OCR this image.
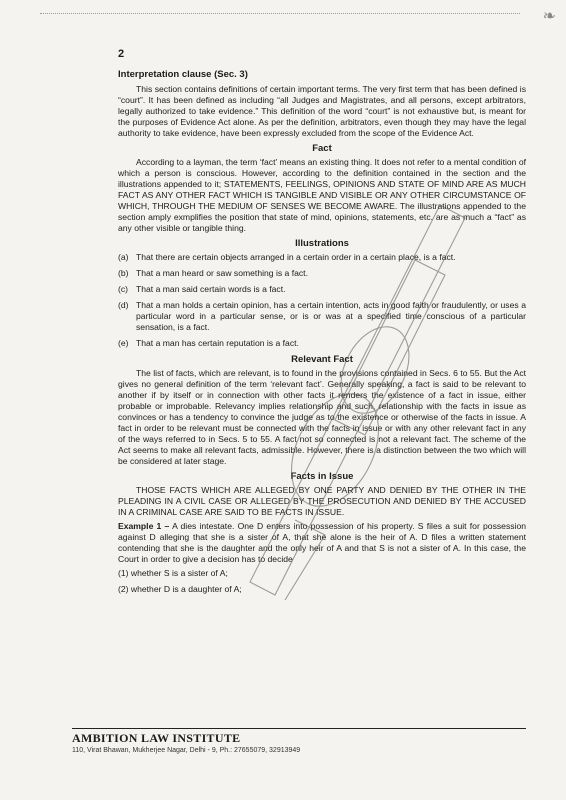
❧
2
Interpretation clause (Sec. 3)

This section contains definitions of certain important terms. The very first term that has been defined is “court”. It has been defined as including “all Judges and Magistrates, and all persons, except arbitrators, legally authorized to take evidence.” This definition of the word “court” is not exhaustive but, is meant for the purposes of Evidence Act alone. As per the definition, arbitrators, even though they may have the legal authority to take evidence, have been expressly excluded from the scope of the Evidence Act.

Fact

According to a layman, the term ‘fact’ means an existing thing. It does not refer to a mental condition of which a person is conscious. However, according to the definition contained in the section and the illustrations appended to it; STATEMENTS, FEELINGS, OPINIONS AND STATE OF MIND ARE AS MUCH FACT AS ANY OTHER FACT WHICH IS TANGIBLE AND VISIBLE OR ANY OTHER CIRCUMSTANCE OF WHICH, THROUGH THE MEDIUM OF SENSES WE BECOME AWARE. The illustrations appended to the section amply exmplifies the position that state of mind, opinions, statements, etc. are as much a “fact” as any other visible or tangible thing.

Illustrations
(a) That there are certain objects arranged in a certain order in a certain place, is a fact.
(b) That a man heard or saw something is a fact.
(c) That a man said certain words is a fact.
(d) That a man holds a certain opinion, has a certain intention, acts in good faith or fraudulently, or uses a particular word in a particular sense, or is or was at a specified time conscious of a particular sensation, is a fact.
(e) That a man has certain reputation is a fact.
Relevant Fact

The list of facts, which are relevant, is to found in the provisions contained in Secs. 6 to 55. But the Act gives no general definition of the term ‘relevant fact’. Generally speaking, a fact is said to be relevant to another if by itself or in connection with other facts it renders the existence of a fact in issue, either probable or improbable. Relevancy implies relationship and such, relationship with the facts in issue as convinces or has a tendency to convince the judge as to the existence or otherwise of the facts in issue. A fact in order to be relevant must be connected with the facts in issue or with any other relevant fact in any of the ways referred to in Secs. 5 to 55. A fact not so connected is not a relevant fact. The scheme of the Act seems to make all relevant facts, admissible. However, there is a distinction between the two which will be considered at later stage.

Facts in Issue

THOSE FACTS WHICH ARE ALLEGED BY ONE PARTY AND DENIED BY THE OTHER IN THE PLEADING IN A CIVIL CASE OR ALLEGED BY THE PROSECUTION AND DENIED BY THE ACCUSED IN A CRIMINAL CASE ARE SAID TO BE FACTS IN ISSUE.

Example 1 – A dies intestate. One D enters into possession of his property. S files a suit for possession against D alleging that she is a sister of A, that she alone is the heir of A. D files a written statement contending that she is the daughter and the only heir of A and that S is not a sister of A. In this case, the Court in order to give a decision has to decide

(1) whether S is a sister of A;
(2) whether D is a daughter of A;
AMBITION LAW INSTITUTE
110, Virat Bhawan, Mukherjee Nagar, Delhi - 9, Ph.: 27655079, 32913949
